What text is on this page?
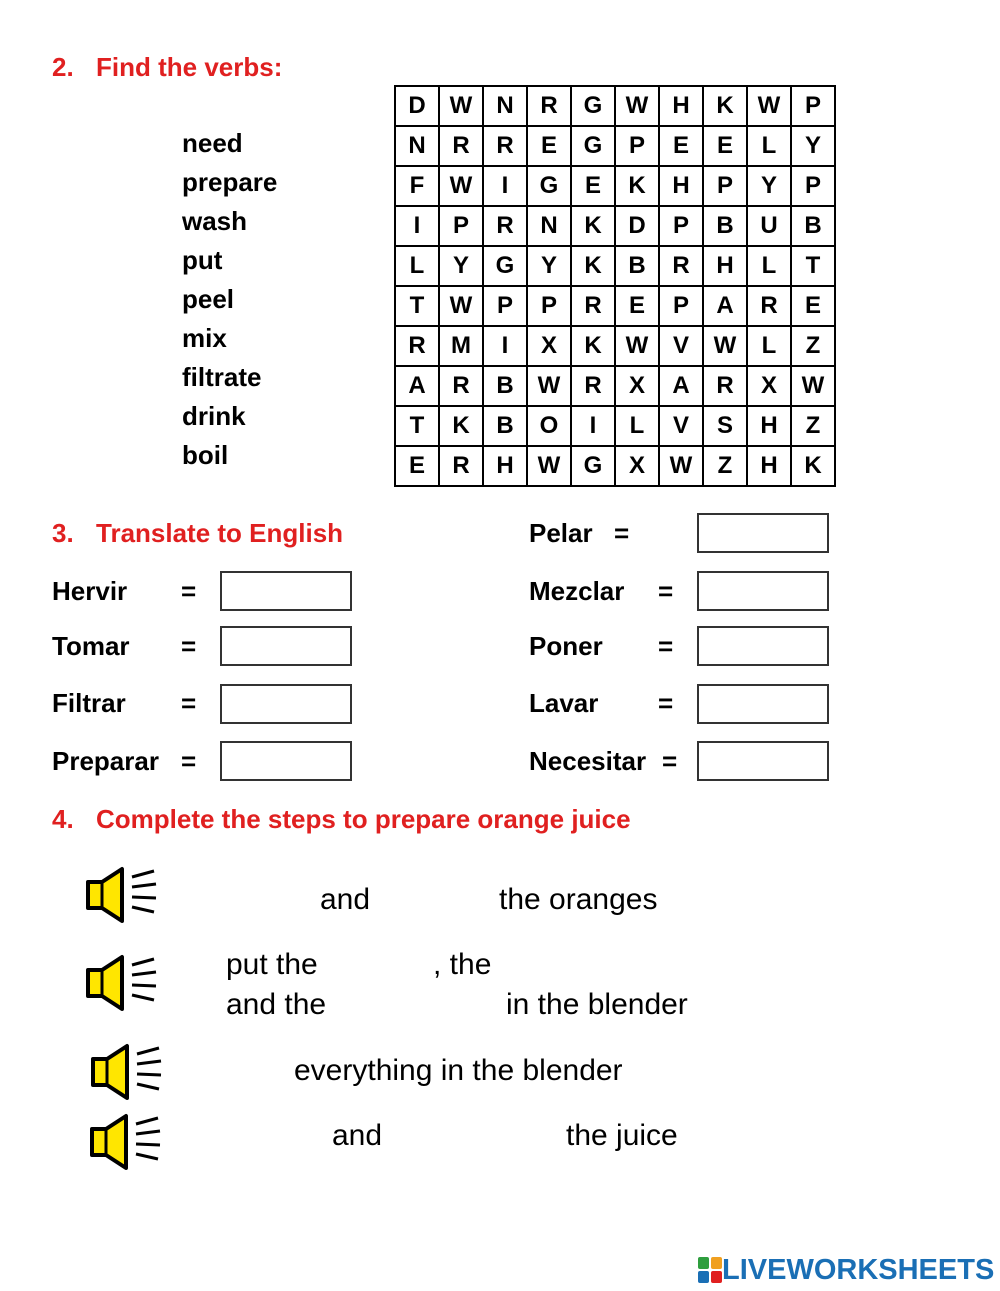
2. Find the verbs:
need
prepare
wash
put
peel
mix
filtrate
drink
boil
D	W	N	R	G	W	H	K	W	P
N	R	R	E	G	P	E	E	L	Y
F	W	I	G	E	K	H	P	Y	P
I	P	R	N	K	D	P	B	U	B
L	Y	G	Y	K	B	R	H	L	T
T	W	P	P	R	E	P	A	R	E
R	M	I	X	K	W	V	W	L	Z
A	R	B	W	R	X	A	R	X	W
T	K	B	O	I	L	V	S	H	Z
E	R	H	W	G	X	W	Z	H	K
3. Translate to English
Hervir =
Tomar =
Filtrar =
Preparar =
Pelar =
Mezclar =
Poner =
Lavar =
Necesitar =
4. Complete the steps to prepare orange juice
and	the oranges
put the	, the
and the	in the blender
everything in the blender
and	the juice
LIVEWORKSHEETS
